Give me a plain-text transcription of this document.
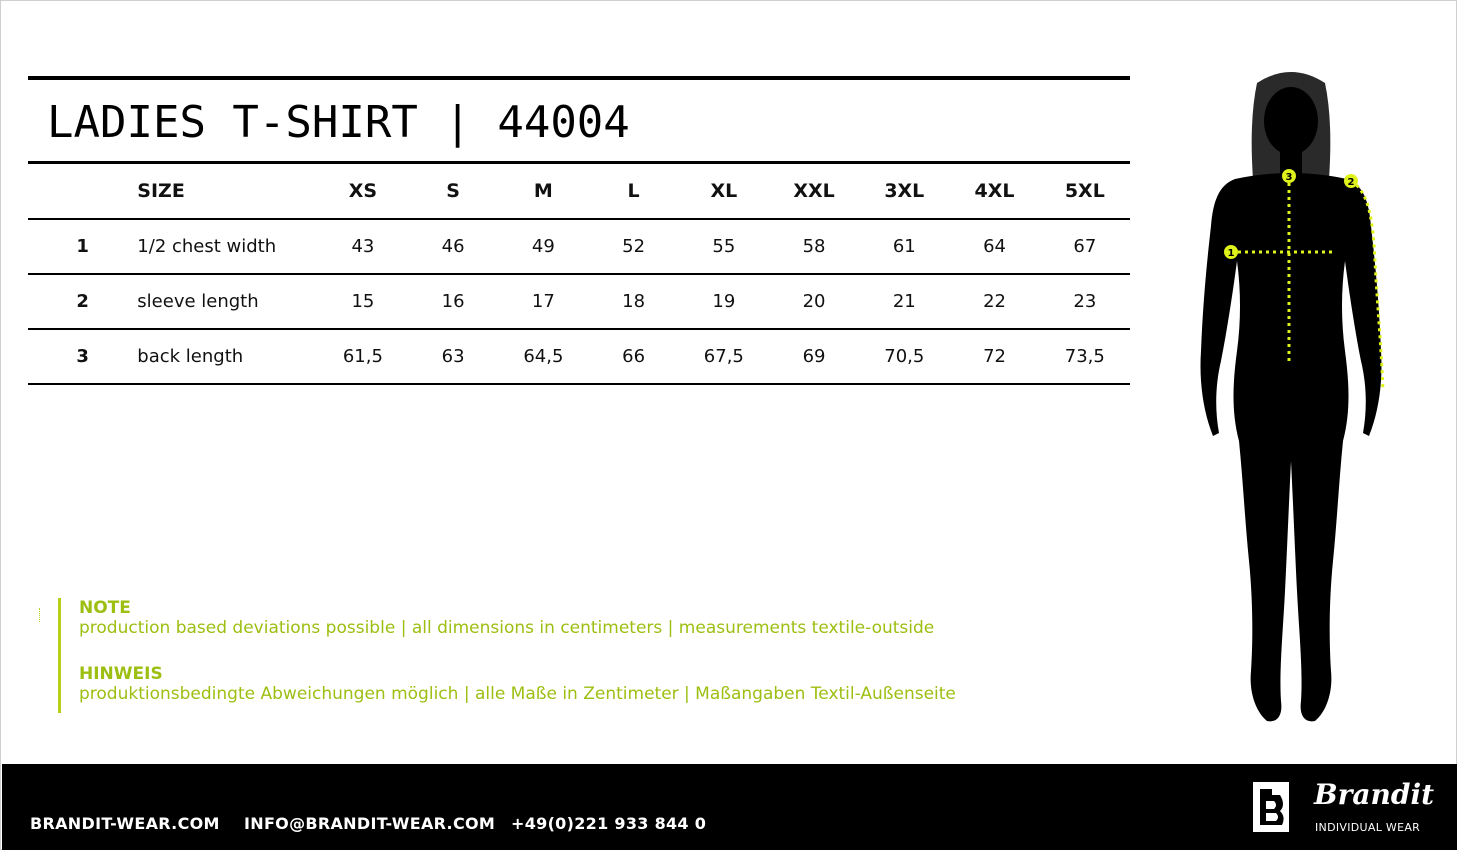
LADIES T-SHIRT | 44004
	SIZE	XS	S	M	L	XL	XXL	3XL	4XL	5XL
1	1/2 chest width	43	46	49	52	55	58	61	64	67
2	sleeve length	15	16	17	18	19	20	21	22	23
3	back length	61,5	63	64,5	66	67,5	69	70,5	72	73,5
NOTE
production based deviations possible | all dimensions in centimeters | measurements textile-outside
HINWEIS
produktionsbedingte Abweichungen möglich | alle Maße in Zentimeter | Maßangaben Textil-Außenseite
1
2
3
BRANDIT-WEAR.COM INFO@BRANDIT-WEAR.COM +49(0)221 933 844 0
Brandit
INDIVIDUAL WEAR
